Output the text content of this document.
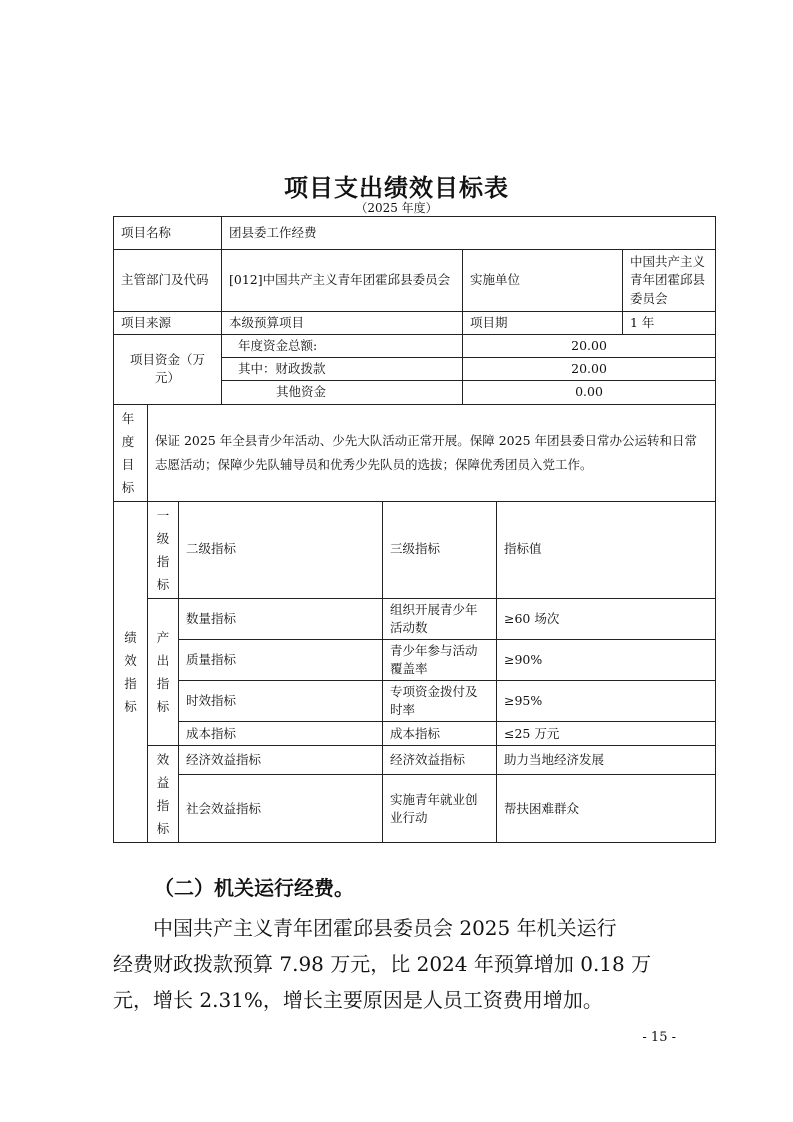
项目支出绩效目标表
（2025 年度）
项目名称			团县委工作经费				
主管部门及代码			[012]中国共产主义青年团霍邱县委员会		实施单位		中国共产主义青年团霍邱县委员会
项目来源			本级预算项目		项目期		1 年
项目资金（万元）			年度资金总额:		20.00		
			其中：财政拨款		20.00		
			其他资金		0.00		

年度目标	保证 2025 年全县青少年活动、少先大队活动正常开展。保障 2025 年团县委日常办公运转和日常志愿活动；保障少先队辅导员和优秀少先队员的选拔；保障优秀团员入党工作。						

绩效指标	一级指标	二级指标		三级指标		指标值	

	产出指标	数量指标		组织开展青少年活动数		≥60 场次	
		质量指标		青少年参与活动覆盖率		≥90%	
		时效指标		专项资金拨付及时率		≥95%	
		成本指标		成本指标		≤25 万元	

	效益指标	经济效益指标		经济效益指标		助力当地经济发展	
		社会效益指标		实施青年就业创业行动		帮扶困难群众	
（二）机关运行经费。
中国共产主义青年团霍邱县委员会 2025 年机关运行
经费财政拨款预算 7.98 万元，比 2024 年预算增加 0.18 万
元，增长 2.31%，增长主要原因是人员工资费用增加。
- 15 -
